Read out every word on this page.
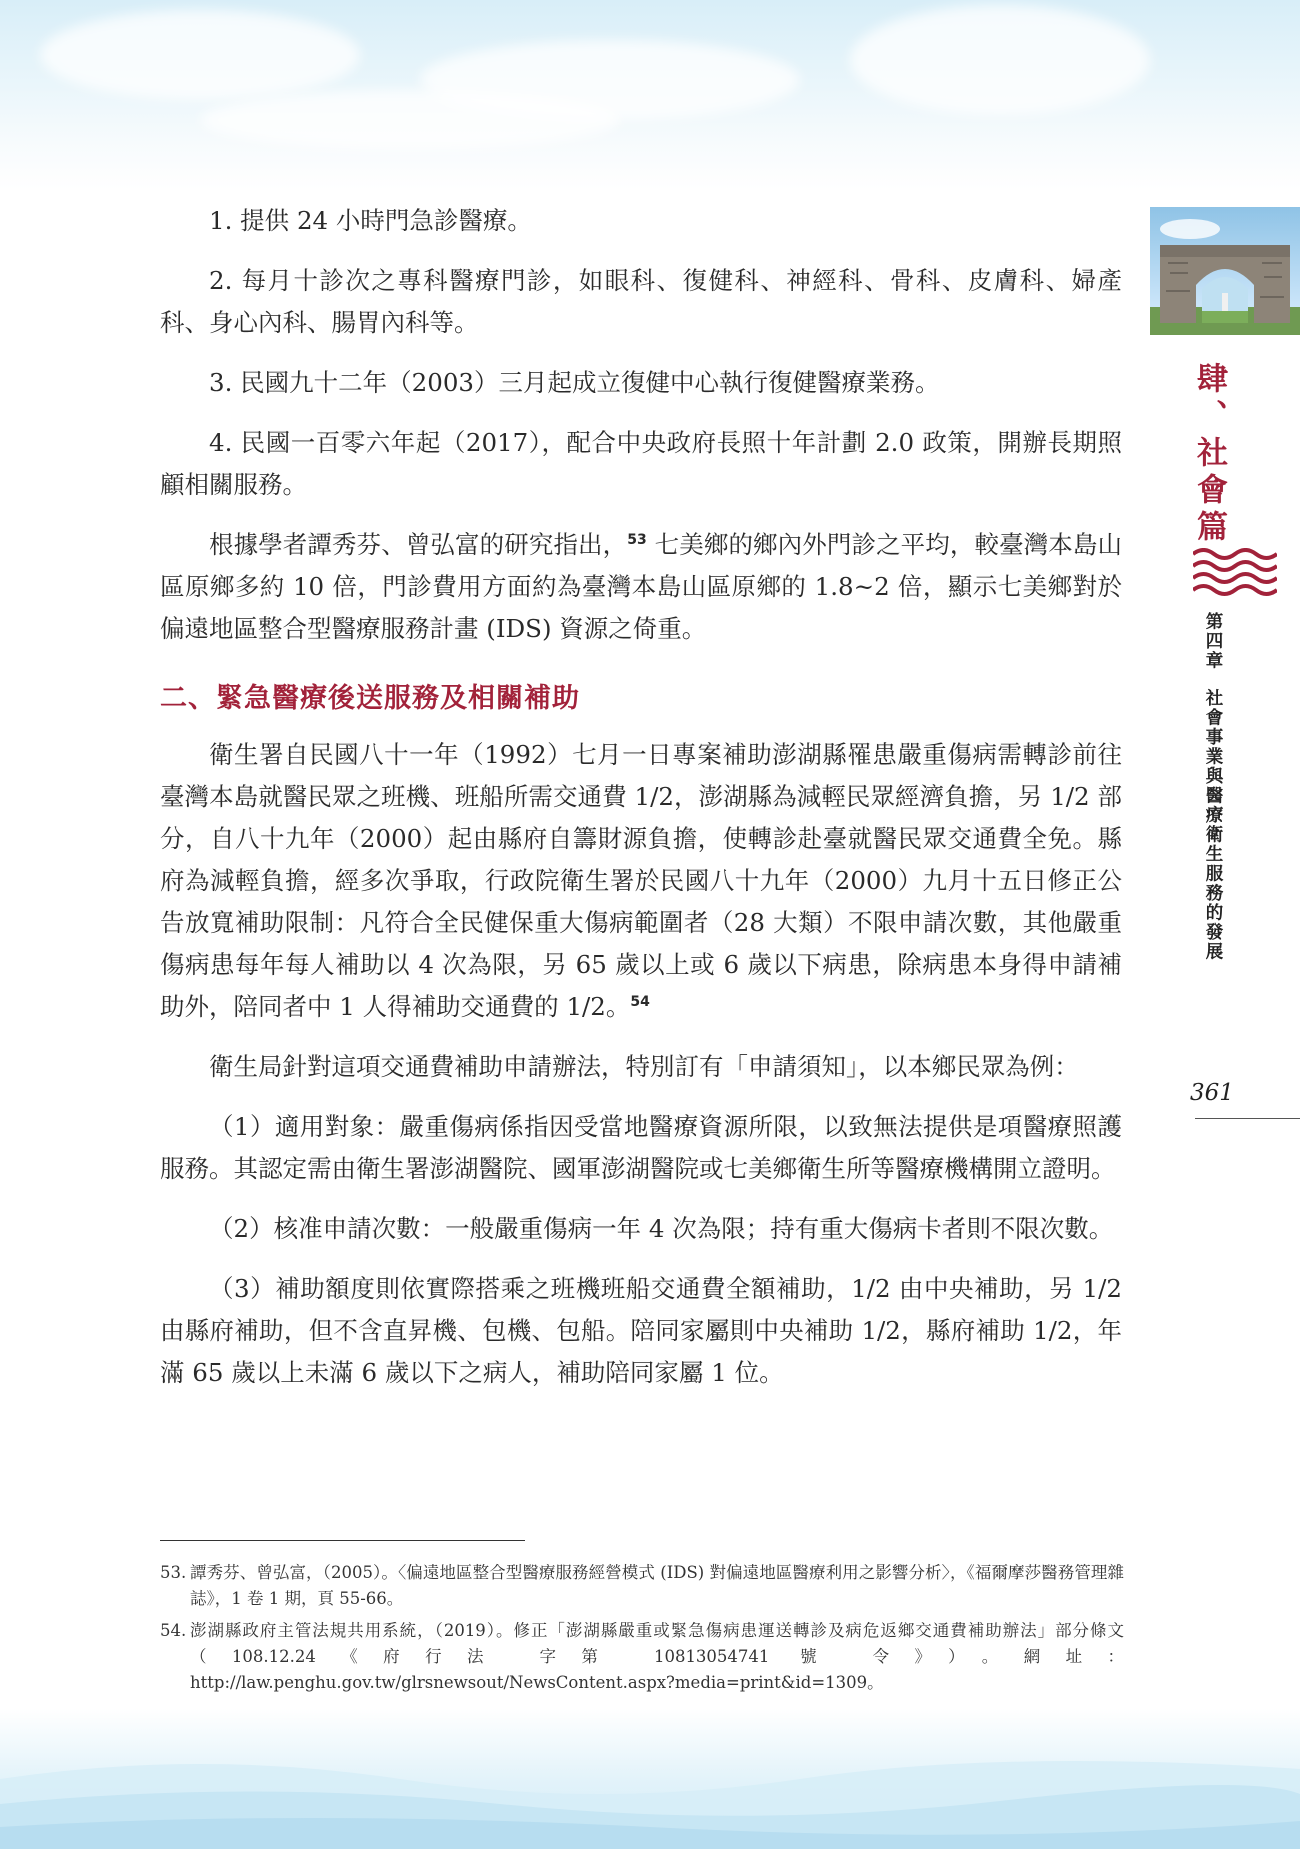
1. 提供 24 小時門急診醫療。

2. 每月十診次之專科醫療門診，如眼科、復健科、神經科、骨科、皮膚科、婦產科、身心內科、腸胃內科等。

3. 民國九十二年（2003）三月起成立復健中心執行復健醫療業務。

4. 民國一百零六年起（2017），配合中央政府長照十年計劃 2.0 政策，開辦長期照顧相關服務。

根據學者譚秀芬、曾弘富的研究指出，$^{53}$ 七美鄉的鄉內外門診之平均，較臺灣本島山區原鄉多約 10 倍，門診費用方面約為臺灣本島山區原鄉的 1.8~2 倍，顯示七美鄉對於偏遠地區整合型醫療服務計畫 (IDS) 資源之倚重。

二、緊急醫療後送服務及相關補助

衛生署自民國八十一年（1992）七月一日專案補助澎湖縣罹患嚴重傷病需轉診前往臺灣本島就醫民眾之班機、班船所需交通費 1/2，澎湖縣為減輕民眾經濟負擔，另 1/2 部分，自八十九年（2000）起由縣府自籌財源負擔，使轉診赴臺就醫民眾交通費全免。縣府為減輕負擔，經多次爭取，行政院衛生署於民國八十九年（2000）九月十五日修正公告放寬補助限制：凡符合全民健保重大傷病範圍者（28 大類）不限申請次數，其他嚴重傷病患每年每人補助以 4 次為限，另 65 歲以上或 6 歲以下病患，除病患本身得申請補助外，陪同者中 1 人得補助交通費的 1/2。$^{54}$

衛生局針對這項交通費補助申請辦法，特別訂有「申請須知」，以本鄉民眾為例：

（1）適用對象：嚴重傷病係指因受當地醫療資源所限，以致無法提供是項醫療照護服務。其認定需由衛生署澎湖醫院、國軍澎湖醫院或七美鄉衛生所等醫療機構開立證明。

（2）核准申請次數：一般嚴重傷病一年 4 次為限；持有重大傷病卡者則不限次數。

（3）補助額度則依實際搭乘之班機班船交通費全額補助，1/2 由中央補助，另 1/2 由縣府補助，但不含直昇機、包機、包船。陪同家屬則中央補助 1/2，縣府補助 1/2，年滿 65 歲以上未滿 6 歲以下之病人，補助陪同家屬 1 位。

53. 譚秀芬、曾弘富，（2005）。〈偏遠地區整合型醫療服務經營模式 (IDS) 對偏遠地區醫療利用之影響分析〉，《福爾摩莎醫務管理雜誌》，1 卷 1 期，頁 55-66。
54. 澎湖縣政府主管法規共用系統，（2019）。修正「澎湖縣嚴重或緊急傷病患運送轉診及病危返鄉交通費補助辦法」部分條文（108.12.24《府行法 字第 10813054741 號 令》）。網址：http://law.penghu.gov.tw/glrsnewsout/NewsContent.aspx?media=print&id=1309。
肆、社會篇
第四章社會事業與醫療衛生服務的發展
361
